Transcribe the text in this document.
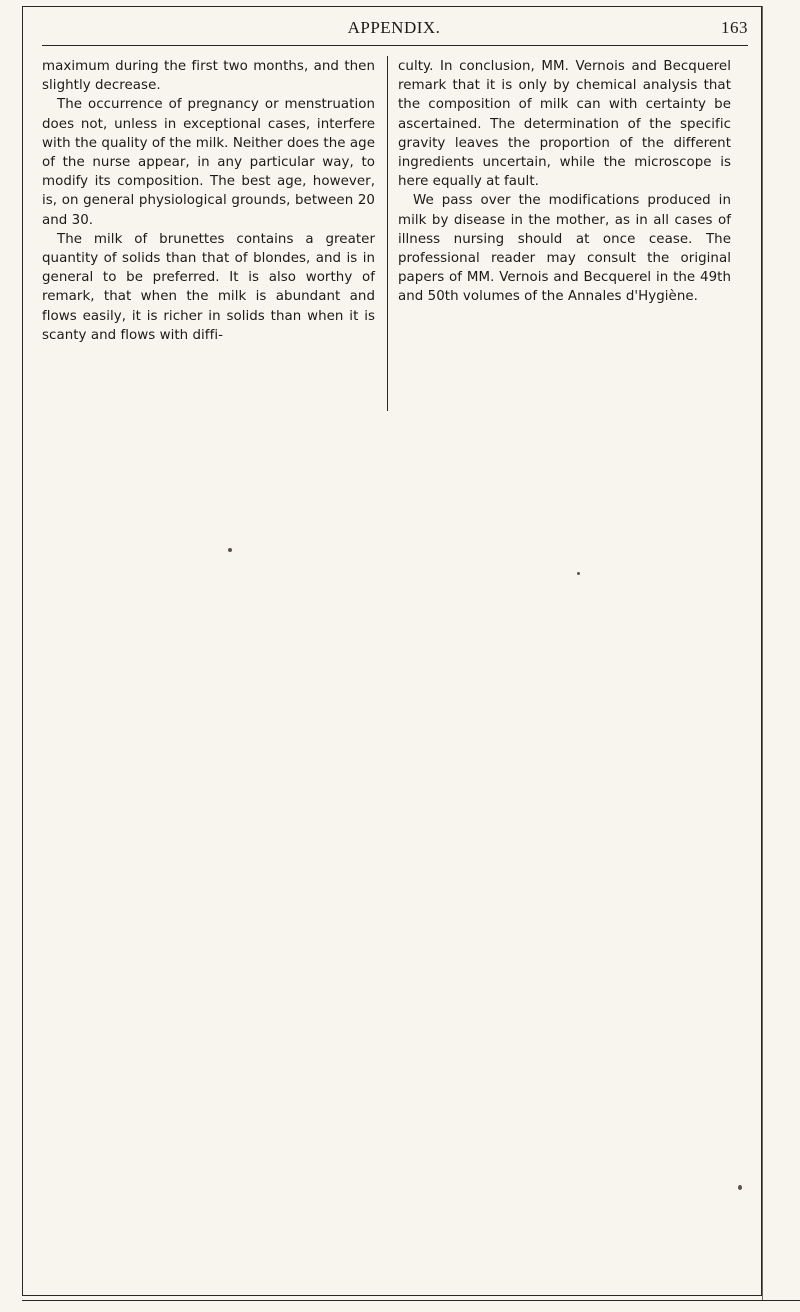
APPENDIX.	163

maximum during the first two months, and then slightly decrease.

The occurrence of pregnancy or menstruation does not, unless in exceptional cases, interfere with the quality of the milk. Neither does the age of the nurse appear, in any particular way, to modify its composition. The best age, however, is, on general physiological grounds, between 20 and 30.

The milk of brunettes contains a greater quantity of solids than that of blondes, and is in general to be preferred. It is also worthy of remark, that when the milk is abundant and flows easily, it is richer in solids than when it is scanty and flows with diffi-

culty. In conclusion, MM. Vernois and Becquerel remark that it is only by chemical analysis that the composition of milk can with certainty be ascertained. The determination of the specific gravity leaves the proportion of the different ingredients uncertain, while the microscope is here equally at fault.

We pass over the modifications produced in milk by disease in the mother, as in all cases of illness nursing should at once cease. The professional reader may consult the original papers of MM. Vernois and Becquerel in the 49th and 50th volumes of the Annales d'Hygiène.
